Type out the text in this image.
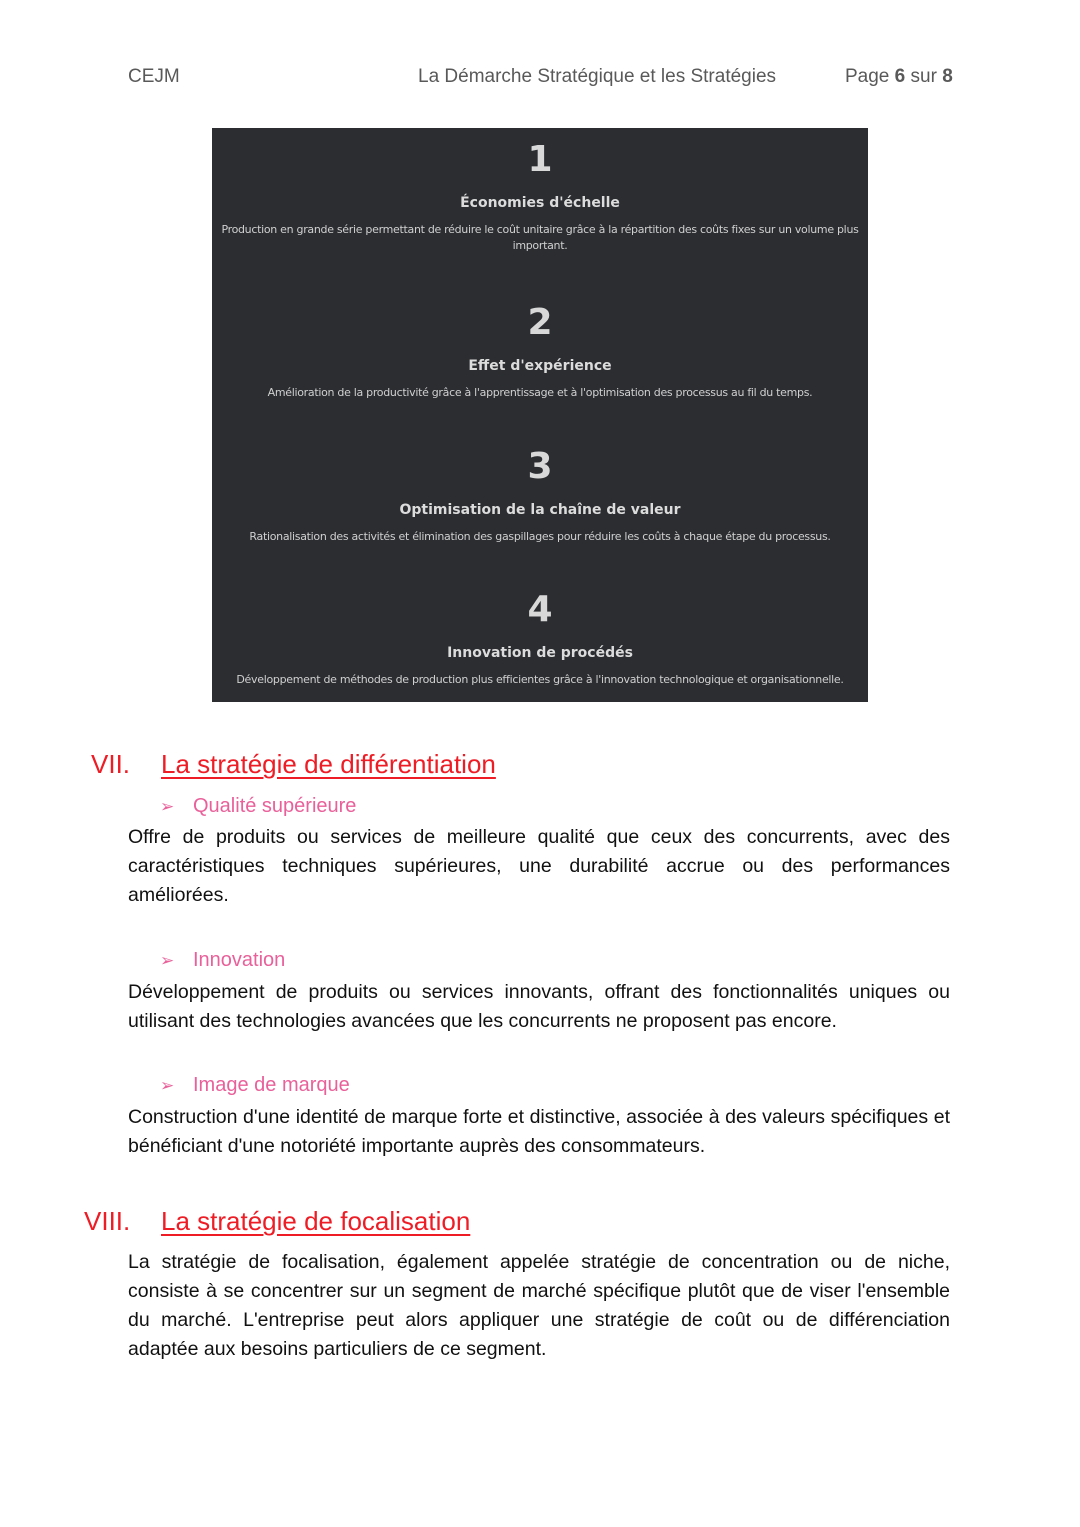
CEJM	La Démarche Stratégique et les Stratégies	Page 6 sur 8
1
Économies d'échelle
Production en grande série permettant de réduire le coût unitaire grâce à la répartition des coûts fixes sur un volume plus
important.
2
Effet d'expérience
Amélioration de la productivité grâce à l'apprentissage et à l'optimisation des processus au fil du temps.
3
Optimisation de la chaîne de valeur
Rationalisation des activités et élimination des gaspillages pour réduire les coûts à chaque étape du processus.
4
Innovation de procédés
Développement de méthodes de production plus efficientes grâce à l'innovation technologique et organisationnelle.
VII. La stratégie de différentiation
➢ Qualité supérieure
Offre de produits ou services de meilleure qualité que ceux des concurrents, avec des caractéristiques techniques supérieures, une durabilité accrue ou des performances améliorées.
➢ Innovation
Développement de produits ou services innovants, offrant des fonctionnalités uniques ou utilisant des technologies avancées que les concurrents ne proposent pas encore.
➢ Image de marque
Construction d'une identité de marque forte et distinctive, associée à des valeurs spécifiques et bénéficiant d'une notoriété importante auprès des consommateurs.
VIII. La stratégie de focalisation
La stratégie de focalisation, également appelée stratégie de concentration ou de niche, consiste à se concentrer sur un segment de marché spécifique plutôt que de viser l'ensemble du marché. L'entreprise peut alors appliquer une stratégie de coût ou de différenciation adaptée aux besoins particuliers de ce segment.
